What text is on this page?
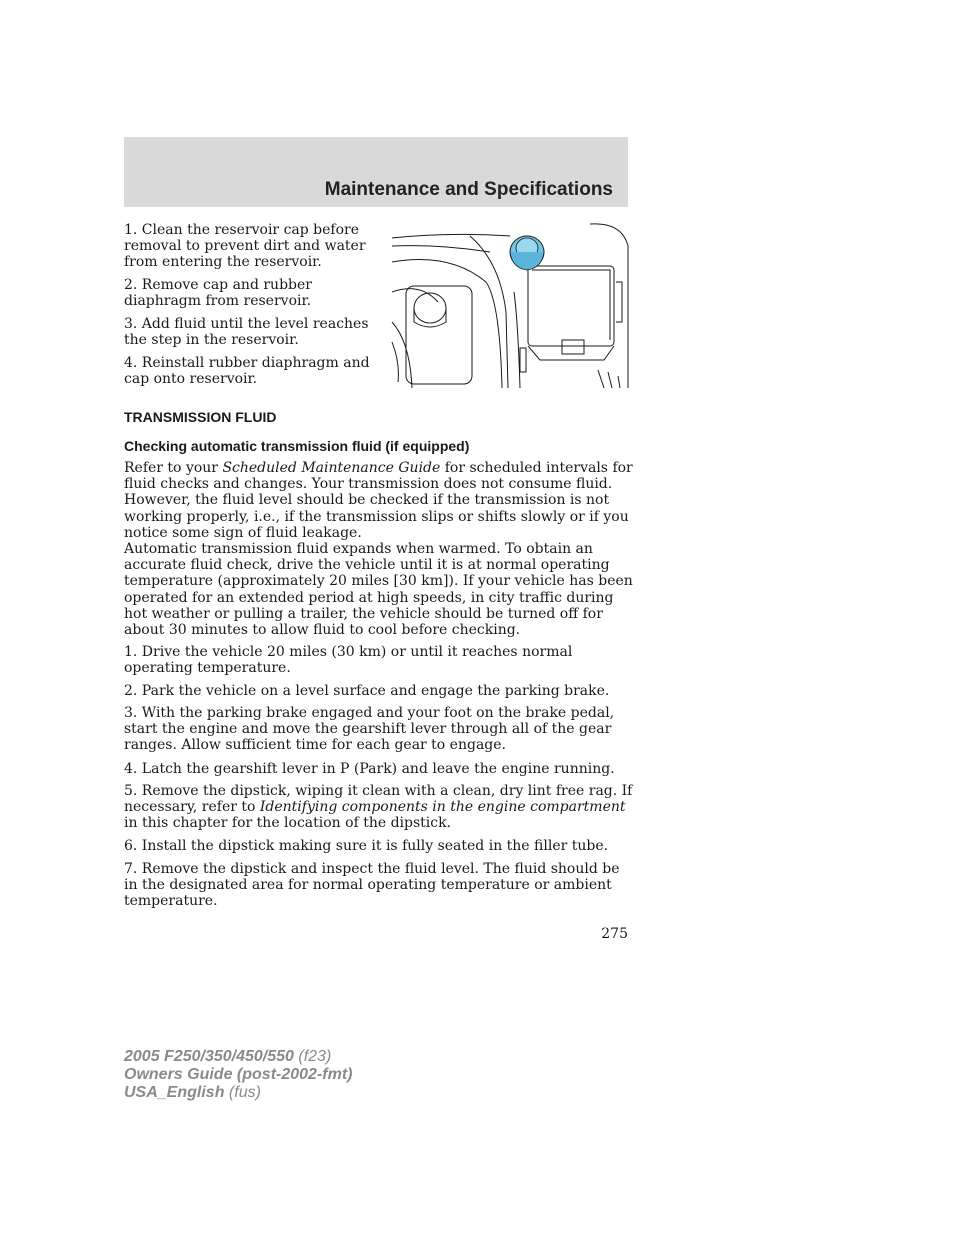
Maintenance and Specifications

1. Clean the reservoir cap before removal to prevent dirt and water from entering the reservoir.

2. Remove cap and rubber diaphragm from reservoir.

3. Add fluid until the level reaches the step in the reservoir.

4. Reinstall rubber diaphragm and cap onto reservoir.

TRANSMISSION FLUID
Checking automatic transmission fluid (if equipped)

Refer to your Scheduled Maintenance Guide for scheduled intervals for fluid checks and changes. Your transmission does not consume fluid. However, the fluid level should be checked if the transmission is not working properly, i.e., if the transmission slips or shifts slowly or if you notice some sign of fluid leakage.

Automatic transmission fluid expands when warmed. To obtain an accurate fluid check, drive the vehicle until it is at normal operating temperature (approximately 20 miles [30 km]). If your vehicle has been operated for an extended period at high speeds, in city traffic during hot weather or pulling a trailer, the vehicle should be turned off for about 30 minutes to allow fluid to cool before checking.

1. Drive the vehicle 20 miles (30 km) or until it reaches normal operating temperature.

2. Park the vehicle on a level surface and engage the parking brake.

3. With the parking brake engaged and your foot on the brake pedal, start the engine and move the gearshift lever through all of the gear ranges. Allow sufficient time for each gear to engage.

4. Latch the gearshift lever in P (Park) and leave the engine running.

5. Remove the dipstick, wiping it clean with a clean, dry lint free rag. If necessary, refer to Identifying components in the engine compartment in this chapter for the location of the dipstick.

6. Install the dipstick making sure it is fully seated in the filler tube.

7. Remove the dipstick and inspect the fluid level. The fluid should be in the designated area for normal operating temperature or ambient temperature.

275
2005 F250/350/450/550 (f23)
Owners Guide (post-2002-fmt)
USA_English (fus)
